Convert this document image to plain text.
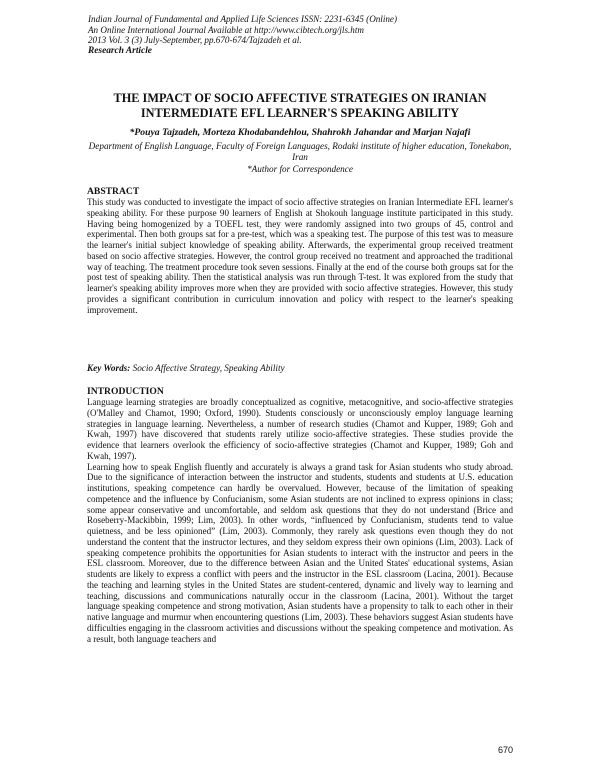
Indian Journal of Fundamental and Applied Life Sciences ISSN: 2231-6345 (Online)
An Online International Journal Available at http://www.cibtech.org/jls.htm
2013 Vol. 3 (3) July-September, pp.670-674/Tajzadeh et al.
Research Article
THE IMPACT OF SOCIO AFFECTIVE STRATEGIES ON IRANIAN
INTERMEDIATE EFL LEARNER'S SPEAKING ABILITY
*Pouya Tajzadeh, Morteza Khodabandehlou, Shahrokh Jahandar and Marjan Najafi
Department of English Language, Faculty of Foreign Languages, Rodaki institute of higher education, Tonekabon, Iran
*Author for Correspondence
ABSTRACT
This study was conducted to investigate the impact of socio affective strategies on Iranian Intermediate EFL learner's speaking ability. For these purpose 90 learners of English at Shokouh language institute participated in this study. Having being homogenized by a TOEFL test, they were randomly assigned into two groups of 45, control and experimental. Then both groups sat for a pre-test, which was a speaking test. The purpose of this test was to measure the learner's initial subject knowledge of speaking ability. Afterwards, the experimental group received treatment based on socio affective strategies. However, the control group received no treatment and approached the traditional way of teaching. The treatment procedure took seven sessions. Finally at the end of the course both groups sat for the post test of speaking ability. Then the statistical analysis was run through T-test. It was explored from the study that learner's speaking ability improves more when they are provided with socio affective strategies. However, this study provides a significant contribution in curriculum innovation and policy with respect to the learner's speaking improvement.
Key Words: Socio Affective Strategy, Speaking Ability
INTRODUCTION

Language learning strategies are broadly conceptualized as cognitive, metacognitive, and socio-affective strategies (O'Malley and Chamot, 1990; Oxford, 1990). Students consciously or unconsciously employ language learning strategies in language learning. Nevertheless, a number of research studies (Chamot and Kupper, 1989; Goh and Kwah, 1997) have discovered that students rarely utilize socio-affective strategies. These studies provide the evidence that learners overlook the efficiency of socio-affective strategies (Chamot and Kupper, 1989; Goh and Kwah, 1997).

Learning how to speak English fluently and accurately is always a grand task for Asian students who study abroad. Due to the significance of interaction between the instructor and students, students and students at U.S. education institutions, speaking competence can hardly be overvalued. However, because of the limitation of speaking competence and the influence by Confucianism, some Asian students are not inclined to express opinions in class; some appear conservative and uncomfortable, and seldom ask questions that they do not understand (Brice and Roseberry-Mackibbin, 1999; Lim, 2003). In other words, “influenced by Confucianism, students tend to value quietness, and be less opinioned” (Lim, 2003). Commonly, they rarely ask questions even though they do not understand the content that the instructor lectures, and they seldom express their own opinions (Lim, 2003). Lack of speaking competence prohibits the opportunities for Asian students to interact with the instructor and peers in the ESL classroom. Moreover, due to the difference between Asian and the United States' educational systems, Asian students are likely to express a conflict with peers and the instructor in the ESL classroom (Lacina, 2001). Because the teaching and learning styles in the United States are student-centered, dynamic and lively way to learning and teaching, discussions and communications naturally occur in the classroom (Lacina, 2001). Without the target language speaking competence and strong motivation, Asian students have a propensity to talk to each other in their native language and murmur when encountering questions (Lim, 2003). These behaviors suggest Asian students have difficulties engaging in the classroom activities and discussions without the speaking competence and motivation. As a result, both language teachers and

670
